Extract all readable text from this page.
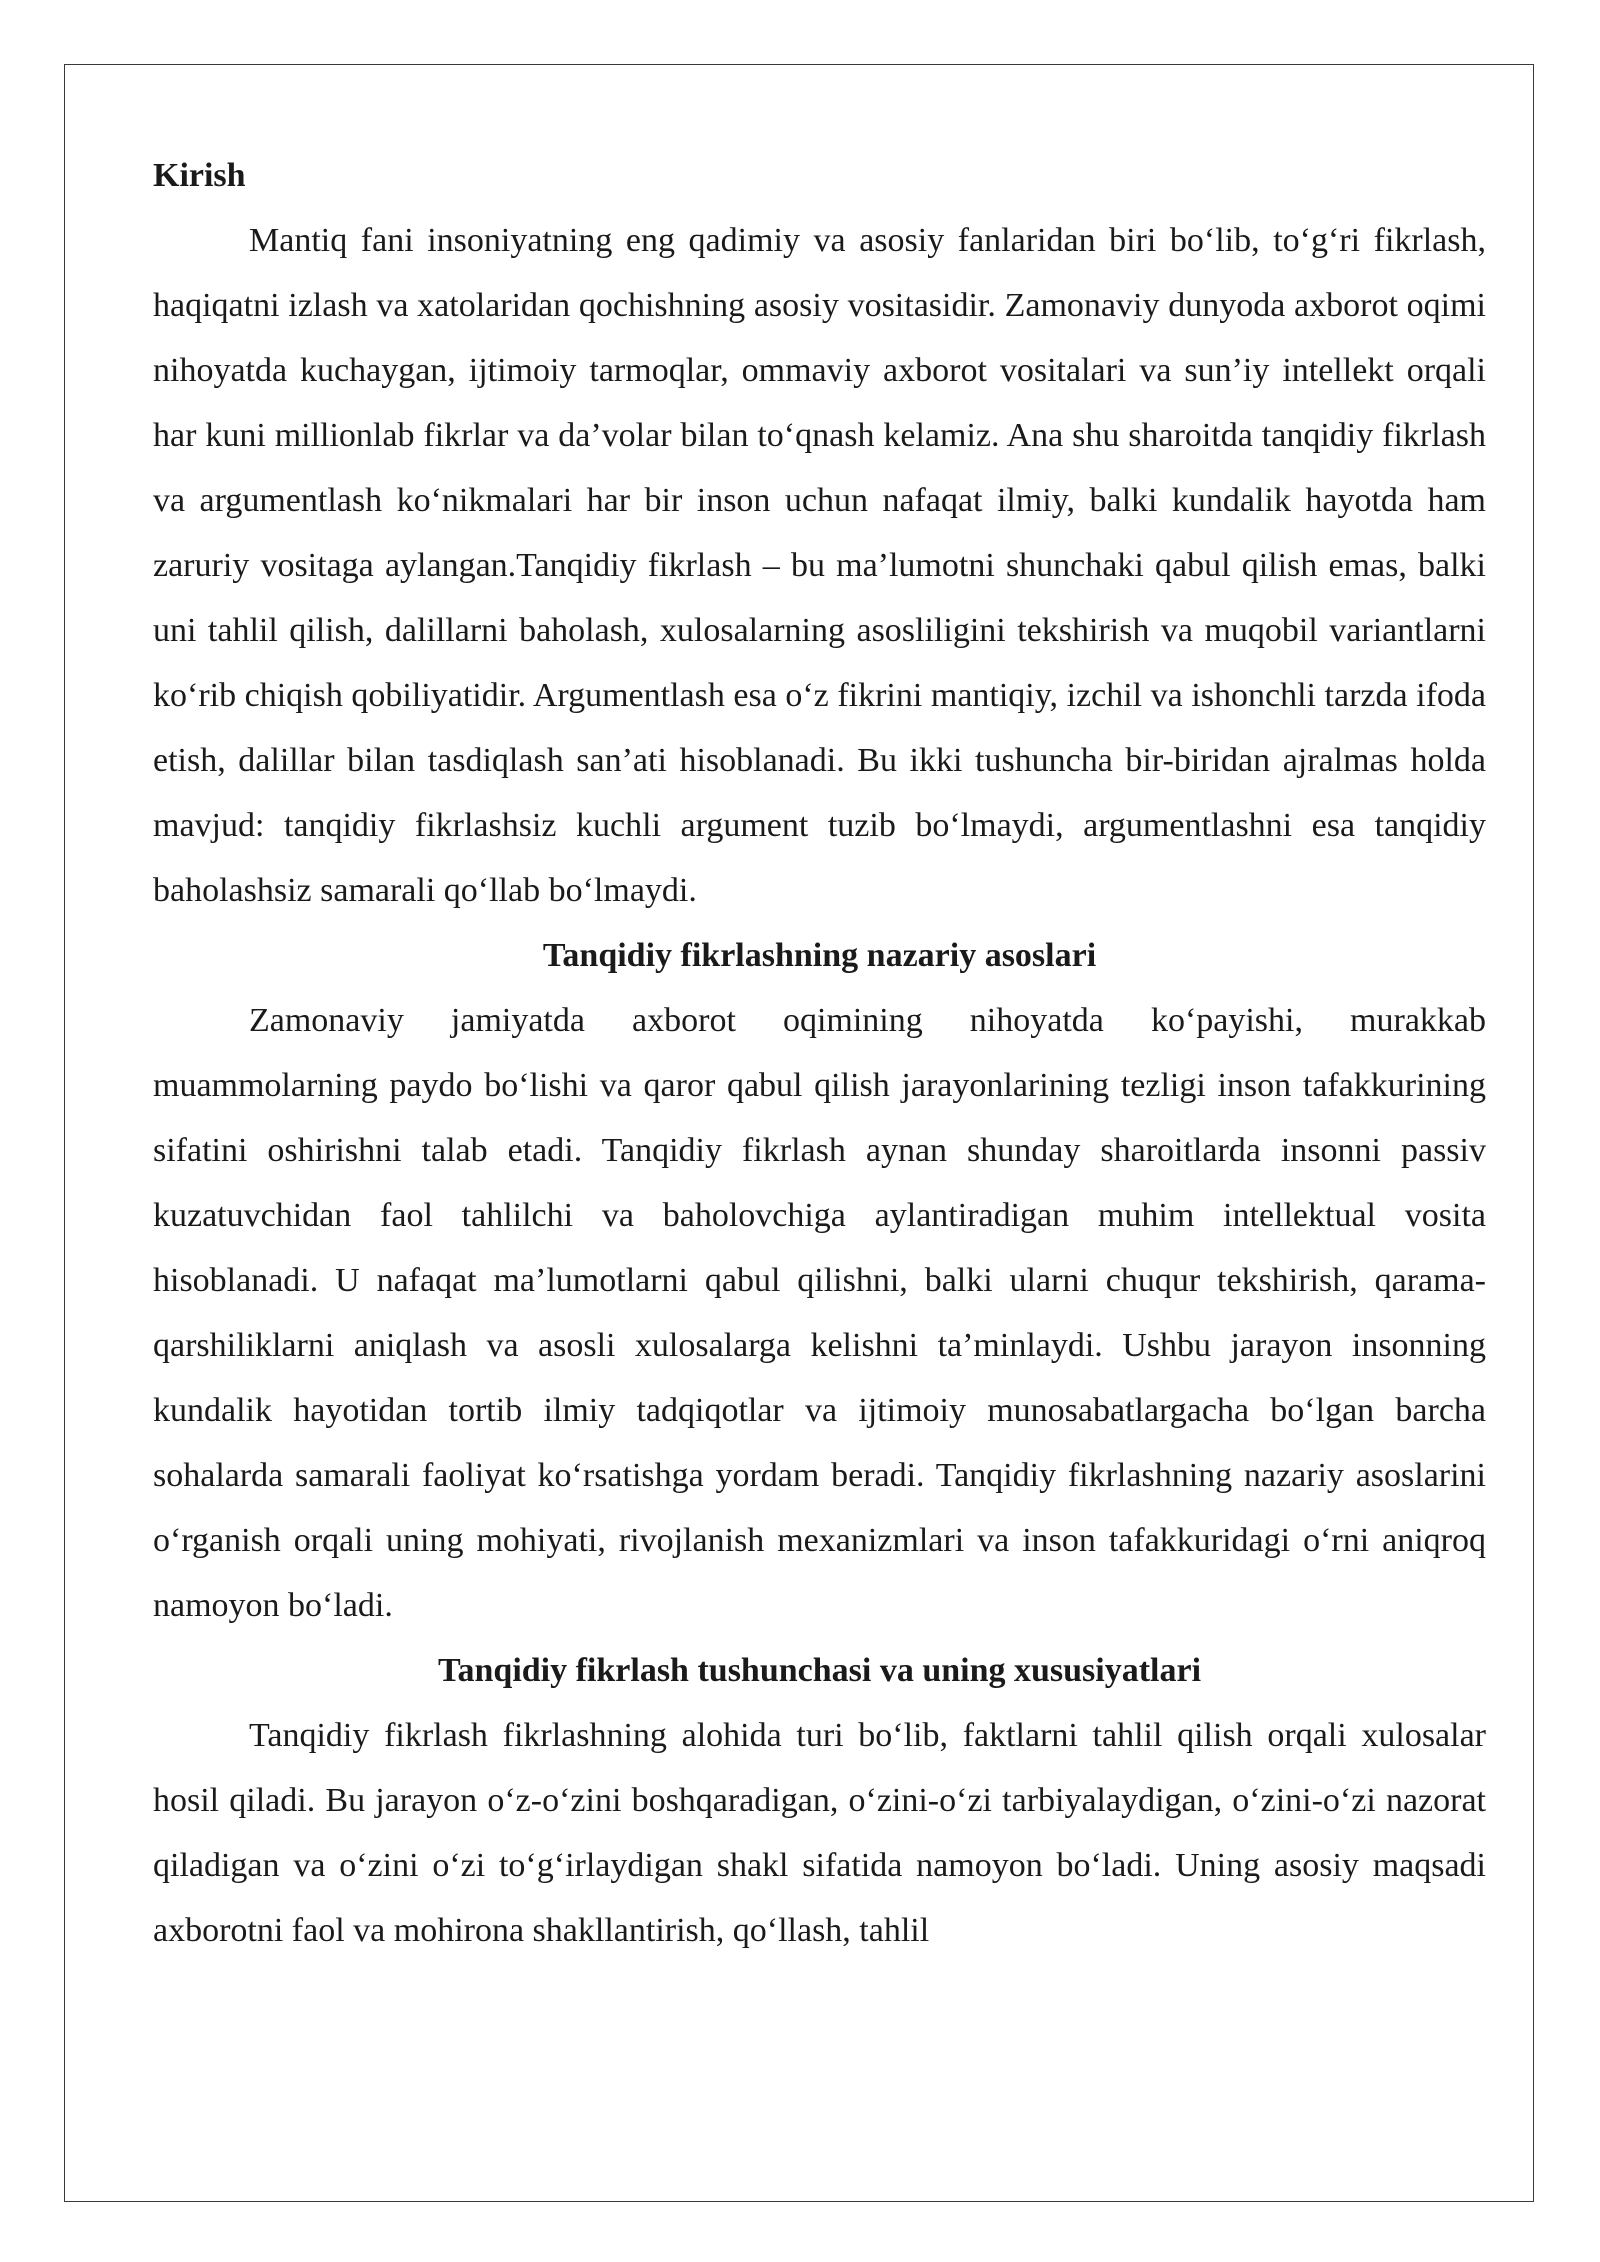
Kirish

Mantiq fani insoniyatning eng qadimiy va asosiy fanlaridan biri bo‘lib, to‘g‘ri fikrlash, haqiqatni izlash va xatolaridan qochishning asosiy vositasidir. Zamonaviy dunyoda axborot oqimi nihoyatda kuchaygan, ijtimoiy tarmoqlar, ommaviy axborot vositalari va sun’iy intellekt orqali har kuni millionlab fikrlar va da’volar bilan to‘qnash kelamiz. Ana shu sharoitda tanqidiy fikrlash va argumentlash ko‘nikmalari har bir inson uchun nafaqat ilmiy, balki kundalik hayotda ham zaruriy vositaga aylangan.Tanqidiy fikrlash – bu ma’lumotni shunchaki qabul qilish emas, balki uni tahlil qilish, dalillarni baholash, xulosalarning asosliligini tekshirish va muqobil variantlarni ko‘rib chiqish qobiliyatidir. Argumentlash esa o‘z fikrini mantiqiy, izchil va ishonchli tarzda ifoda etish, dalillar bilan tasdiqlash san’ati hisoblanadi. Bu ikki tushuncha bir-biridan ajralmas holda mavjud: tanqidiy fikrlashsiz kuchli argument tuzib bo‘lmaydi, argumentlashni esa tanqidiy baholashsiz samarali qo‘llab bo‘lmaydi.

Tanqidiy fikrlashning nazariy asoslari

Zamonaviy jamiyatda axborot oqimining nihoyatda ko‘payishi, murakkab muammolarning paydo bo‘lishi va qaror qabul qilish jarayonlarining tezligi inson tafakkurining sifatini oshirishni talab etadi. Tanqidiy fikrlash aynan shunday sharoitlarda insonni passiv kuzatuvchidan faol tahlilchi va baholovchiga aylantiradigan muhim intellektual vosita hisoblanadi. U nafaqat ma’lumotlarni qabul qilishni, balki ularni chuqur tekshirish, qarama-qarshiliklarni aniqlash va asosli xulosalarga kelishni ta’minlaydi. Ushbu jarayon insonning kundalik hayotidan tortib ilmiy tadqiqotlar va ijtimoiy munosabatlargacha bo‘lgan barcha sohalarda samarali faoliyat ko‘rsatishga yordam beradi. Tanqidiy fikrlashning nazariy asoslarini o‘rganish orqali uning mohiyati, rivojlanish mexanizmlari va inson tafakkuridagi o‘rni aniqroq namoyon bo‘ladi.

Tanqidiy fikrlash tushunchasi va uning xususiyatlari

Tanqidiy fikrlash fikrlashning alohida turi bo‘lib, faktlarni tahlil qilish orqali xulosalar hosil qiladi. Bu jarayon o‘z-o‘zini boshqaradigan, o‘zini-o‘zi tarbiyalaydigan, o‘zini-o‘zi nazorat qiladigan va o‘zini o‘zi to‘g‘irlaydigan shakl sifatida namoyon bo‘ladi. Uning asosiy maqsadi axborotni faol va mohirona shakllantirish, qo‘llash, tahlil
